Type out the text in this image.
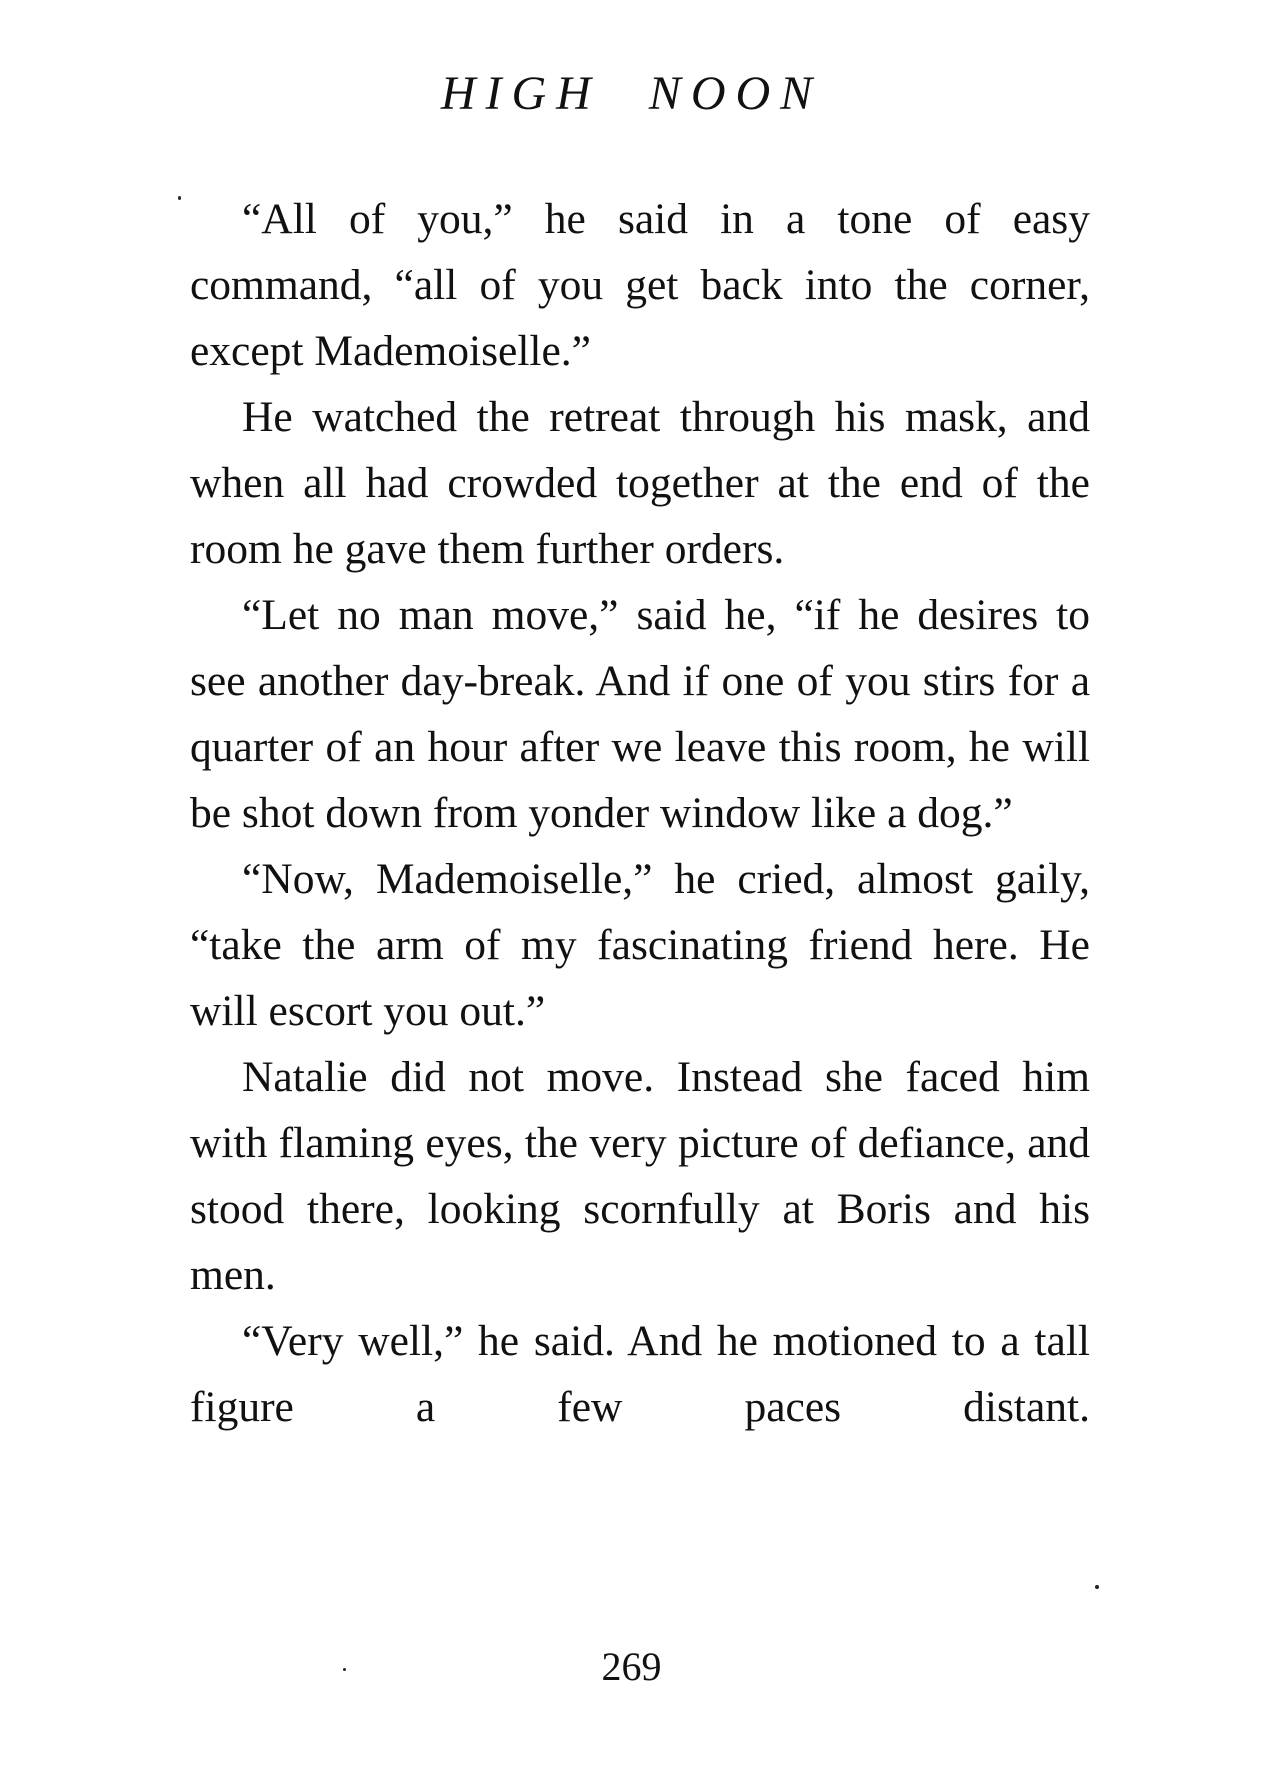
HIGH NOON

“All of you,” he said in a tone of easy command, “all of you get back into the corner, except Mademoiselle.”

He watched the retreat through his mask, and when all had crowded together at the end of the room he gave them further orders.

“Let no man move,” said he, “if he desires to see another day-break. And if one of you stirs for a quarter of an hour after we leave this room, he will be shot down from yonder window like a dog.”

“Now, Mademoiselle,” he cried, almost gaily, “take the arm of my fascinating friend here. He will escort you out.”

Natalie did not move. Instead she faced him with flaming eyes, the very picture of defiance, and stood there, looking scornfully at Boris and his men.

“Very well,” he said. And he motioned to a tall figure a few paces distant.

269
